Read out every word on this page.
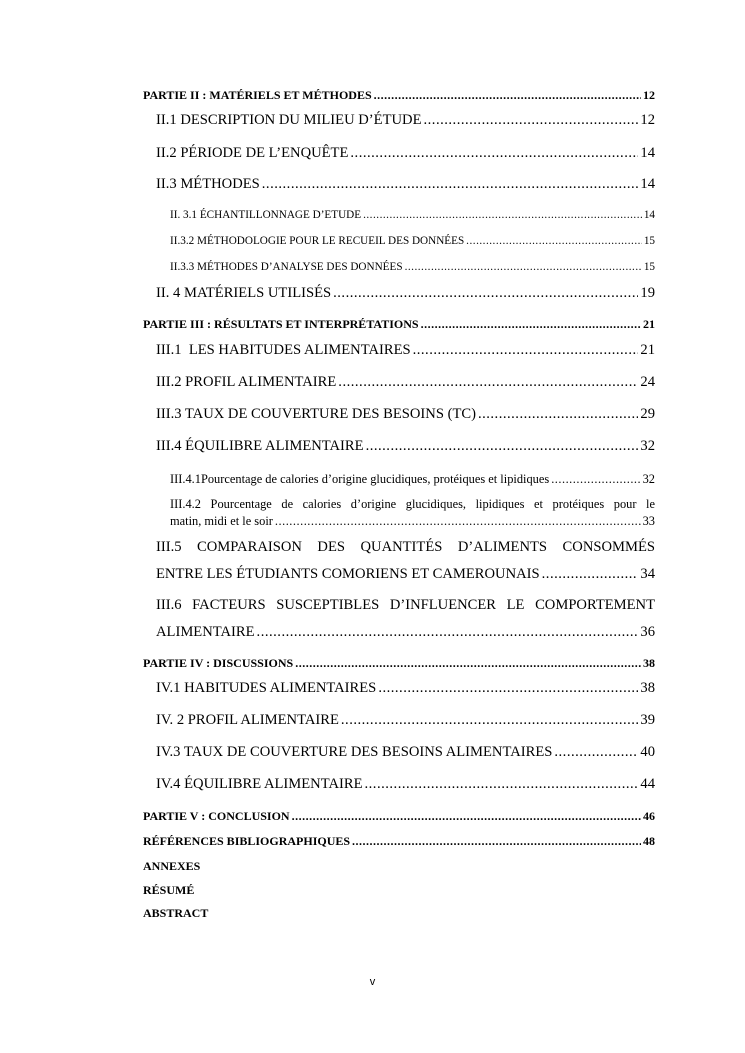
PARTIE II : MATÉRIELS ET MÉTHODES .....	12
II.1 DESCRIPTION DU MILIEU D’ÉTUDE .....	12
II.2 PÉRIODE DE L’ENQUÊTE .....	14
II.3 MÉTHODES .....	14
II. 3.1 ÉCHANTILLONNAGE D’ETUDE .....	14
II.3.2 MÉTHODOLOGIE POUR LE RECUEIL DES DONNÉES .....	15
II.3.3 MÉTHODES D’ANALYSE DES DONNÉES .....	15
II. 4 MATÉRIELS UTILISÉS .....	19
PARTIE III : RÉSULTATS ET INTERPRÉTATIONS .....	21
III.1  LES HABITUDES ALIMENTAIRES .....	21
III.2 PROFIL ALIMENTAIRE .....	24
III.3 TAUX DE COUVERTURE DES BESOINS (TC) .....	29
III.4 ÉQUILIBRE ALIMENTAIRE .....	32
III.4.1Pourcentage de calories d’origine glucidiques, protéiques et lipidiques .....	32
III.4.2 Pourcentage de calories d’origine glucidiques, lipidiques et protéiques pour le
matin, midi et le soir .....	33
III.5 COMPARAISON DES QUANTITÉS D’ALIMENTS CONSOMMÉS
ENTRE LES ÉTUDIANTS COMORIENS ET CAMEROUNAIS .....	34
III.6 FACTEURS SUSCEPTIBLES D’INFLUENCER LE COMPORTEMENT
ALIMENTAIRE .....	36
PARTIE IV : DISCUSSIONS .....	38
IV.1 HABITUDES ALIMENTAIRES .....	38
IV. 2 PROFIL ALIMENTAIRE .....	39
IV.3 TAUX DE COUVERTURE DES BESOINS ALIMENTAIRES .....	40
IV.4 ÉQUILIBRE ALIMENTAIRE .....	44
PARTIE V : CONCLUSION .....	46
RÉFÉRENCES BIBLIOGRAPHIQUES .....	48
ANNEXES
RÉSUMÉ
ABSTRACT
v
